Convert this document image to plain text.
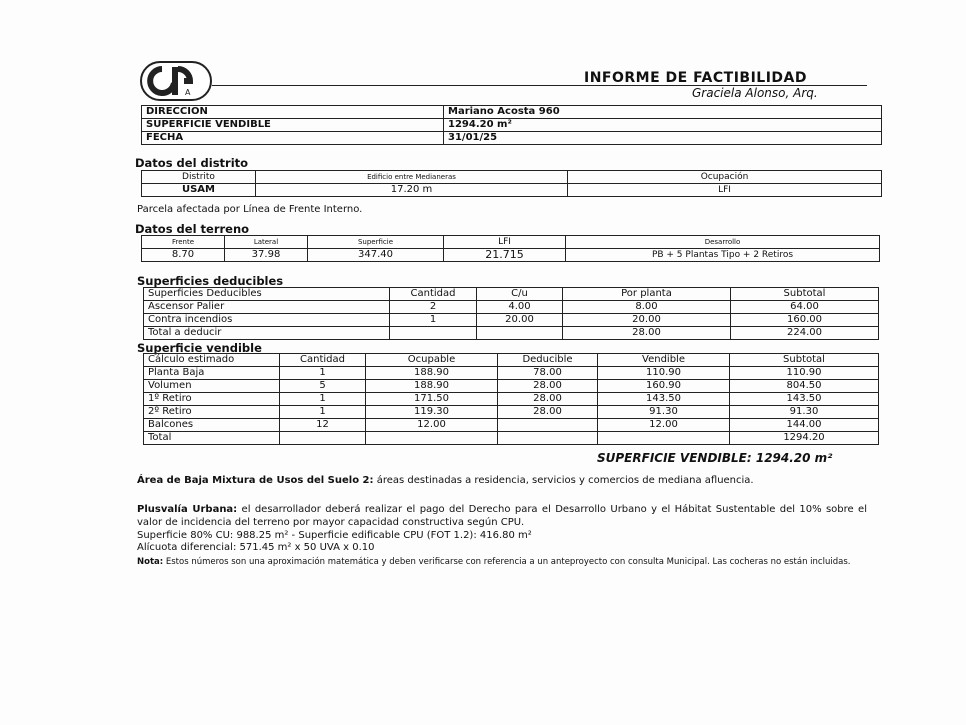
A
INFORME DE FACTIBILIDAD
Graciela Alonso, Arq.
DIRECCIÓN	Mariano Acosta 960
SUPERFICIE VENDIBLE	1294.20 m²
FECHA	31/01/25
Datos del distrito
Distrito	Edificio entre Medianeras	Ocupación
USAM	17.20 m	LFI
Parcela afectada por Línea de Frente Interno.
Datos del terreno
Frente	Lateral	Superficie	LFI	Desarrollo
8.70	37.98	347.40	21.715	PB + 5 Plantas Tipo + 2 Retiros
Superficies deducibles
Superficies Deducibles	Cantidad	C/u	Por planta	Subtotal
Ascensor Palier	2	4.00	8.00	64.00
Contra incendios	1	20.00	20.00	160.00
Total a deducir			28.00	224.00
Superficie vendible
Cálculo estimado	Cantidad	Ocupable	Deducible	Vendible	Subtotal
Planta Baja	1	188.90	78.00	110.90	110.90
Volumen	5	188.90	28.00	160.90	804.50
1º Retiro	1	171.50	28.00	143.50	143.50
2º Retiro	1	119.30	28.00	91.30	91.30
Balcones	12	12.00		12.00	144.00
Total					1294.20
SUPERFICIE VENDIBLE: 1294.20 m²
Área de Baja Mixtura de Usos del Suelo 2: áreas destinadas a residencia, servicios y comercios de mediana afluencia.
Plusvalía Urbana: el desarrollador deberá realizar el pago del Derecho para el Desarrollo Urbano y el Hábitat Sustentable del 10% sobre el valor de incidencia del terreno por mayor capacidad constructiva según CPU.
Superficie 80% CU: 988.25 m² - Superficie edificable CPU (FOT 1.2): 416.80 m²
Alícuota diferencial: 571.45 m² x 50 UVA x 0.10
Nota: Estos números son una aproximación matemática y deben verificarse con referencia a un anteproyecto con consulta Municipal. Las cocheras no están incluidas.
